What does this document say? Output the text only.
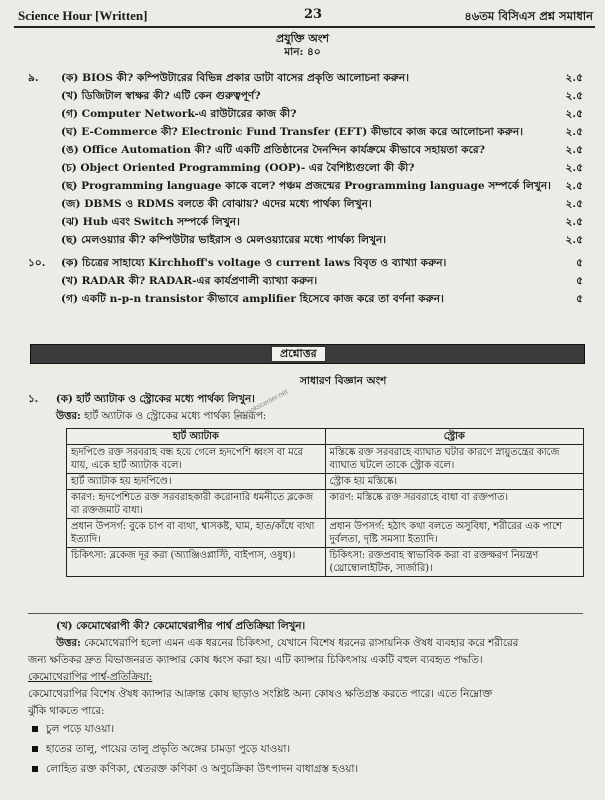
Science Hour [Written]	23	৪৬তম বিসিএস প্রশ্ন সমাধান
প্রযুক্তি অংশ
মান: ৪০
৯. (ক) BIOS কী? কম্পিউটারের বিভিন্ন প্রকার ডাটা বাসের প্রকৃতি আলোচনা করুন।	২.৫
(খ) ডিজিটাল স্বাক্ষর কী? এটি কেন গুরুত্বপূর্ণ?	২.৫
(গ) Computer Network-এ রাউটারের কাজ কী?	২.৫
(ঘ) E-Commerce কী? Electronic Fund Transfer (EFT) কীভাবে কাজ করে আলোচনা করুন।	২.৫
(ঙ) Office Automation কী? এটি একটি প্রতিষ্ঠানের দৈনন্দিন কার্যক্রমে কীভাবে সহায়তা করে?	২.৫
(চ) Object Oriented Programming (OOP)- এর বৈশিষ্ট্যগুলো কী কী?	২.৫
(ছ) Programming language কাকে বলে? পঞ্চম প্রজন্মের Programming language সম্পর্কে লিখুন। ২.৫
(জ) DBMS ও RDMS বলতে কী বোঝায়? এদের মধ্যে পার্থক্য লিখুন।	২.৫
(ঝ) Hub এবং Switch সম্পর্কে লিখুন।	২.৫
(ছ) মেলওয়্যার কী? কম্পিউটার ভাইরাস ও মেলওয়্যারের মধ্যে পার্থক্য লিখুন।	২.৫
১০. (ক) চিত্রের সাহায্যে Kirchhoff's voltage ও current laws বিবৃত ও ব্যাখ্যা করুন।	৫
(খ) RADAR কী? RADAR-এর কার্যপ্রণালী ব্যাখ্যা করুন।	৫
(গ) একটি n-p-n transistor কীভাবে amplifier হিসেবে কাজ করে তা বর্ণনা করুন।	৫
প্রশ্নোত্তর
সাধারণ বিজ্ঞান অংশ
১. (ক) হার্ট অ্যাটাক ও স্ট্রোকের মধ্যে পার্থক্য লিখুন।
উত্তর: হার্ট অ্যাটাক ও স্ট্রোকের মধ্যে পার্থক্য নিম্নরূপ:
thebookscenter.net
হার্ট অ্যাটাক	স্ট্রোক
হৃদপিণ্ডে রক্ত সরবরাহ বন্ধ হয়ে গেলে হৃদপেশি ধ্বংস বা মরে যায়, একে হার্ট অ্যাটাক বলে।	মস্তিষ্কে রক্ত সরবরাহে ব্যাঘাত ঘটার কারণে স্নায়ুতন্ত্রের কাজে ব্যাঘাত ঘটলে তাকে স্ট্রোক বলে।
হার্ট অ্যাটাক হয় হৃদপিণ্ডে।	স্ট্রোক হয় মস্তিষ্কে।
কারণ: হৃদপেশিতে রক্ত সরবরাহকারী করোনারি ধমনীতে ব্লকেজ বা রক্তজমাট বাধা।	কারণ: মস্তিষ্কে রক্ত সরবরাহে বাধা বা রক্তপাত।
প্রধান উপসর্গ: বুকে চাপ বা ব্যথা, শ্বাসকষ্ট, ঘাম, হাত/কাঁধে ব্যথা ইত্যাদি।	প্রধান উপসর্গ: হঠাৎ কথা বলতে অসুবিধা, শরীরের এক পাশে দুর্বলতা, দৃষ্টি সমস্যা ইত্যাদি।
চিকিৎসা: ব্লকেজ দূর করা (অ্যাঞ্জিওপ্লাস্টি, বাইপাস, ওষুধ)।	চিকিৎসা: রক্তপ্রবাহ স্বাভাবিক করা বা রক্তক্ষরণ নিয়ন্ত্রণ (থ্রোম্বোলাইটিক, সার্জারি)।
(খ) কেমোথেরাপী কী? কেমোথেরাপীর পার্শ্ব প্রতিক্রিয়া লিখুন।
উত্তর: কেমোথেরাপি হলো এমন এক ধরনের চিকিৎসা, যেখানে বিশেষ ধরনের রাসায়নিক ঔষধ ব্যবহার করে শরীরের
জন্য ক্ষতিকর দ্রুত বিভাজনরত ক্যান্সার কোষ ধ্বংস করা হয়। এটি ক্যান্সার চিকিৎসায় একটি বহুল ব্যবহৃত পদ্ধতি।
কেমোথেরাপির পার্শ্ব-প্রতিক্রিয়া:
কেমোথেরাপির বিশেষ ঔষধ ক্যান্সার আক্রান্ত কোষ ছাড়াও সংশ্লিষ্ট অন্য কোষও ক্ষতিগ্রস্ত করতে পারে। এতে নিম্নোক্ত
ঝুঁকি থাকতে পারে:
চুল পড়ে যাওয়া।
হাতের তালু, পায়ের তালু প্রভৃতি অঙ্গের চামড়া পুড়ে যাওয়া।
লোহিত রক্ত কণিকা, শ্বেতরক্ত কণিকা ও অণুচক্রিকা উৎপাদন বাধাগ্রস্ত হওয়া।
